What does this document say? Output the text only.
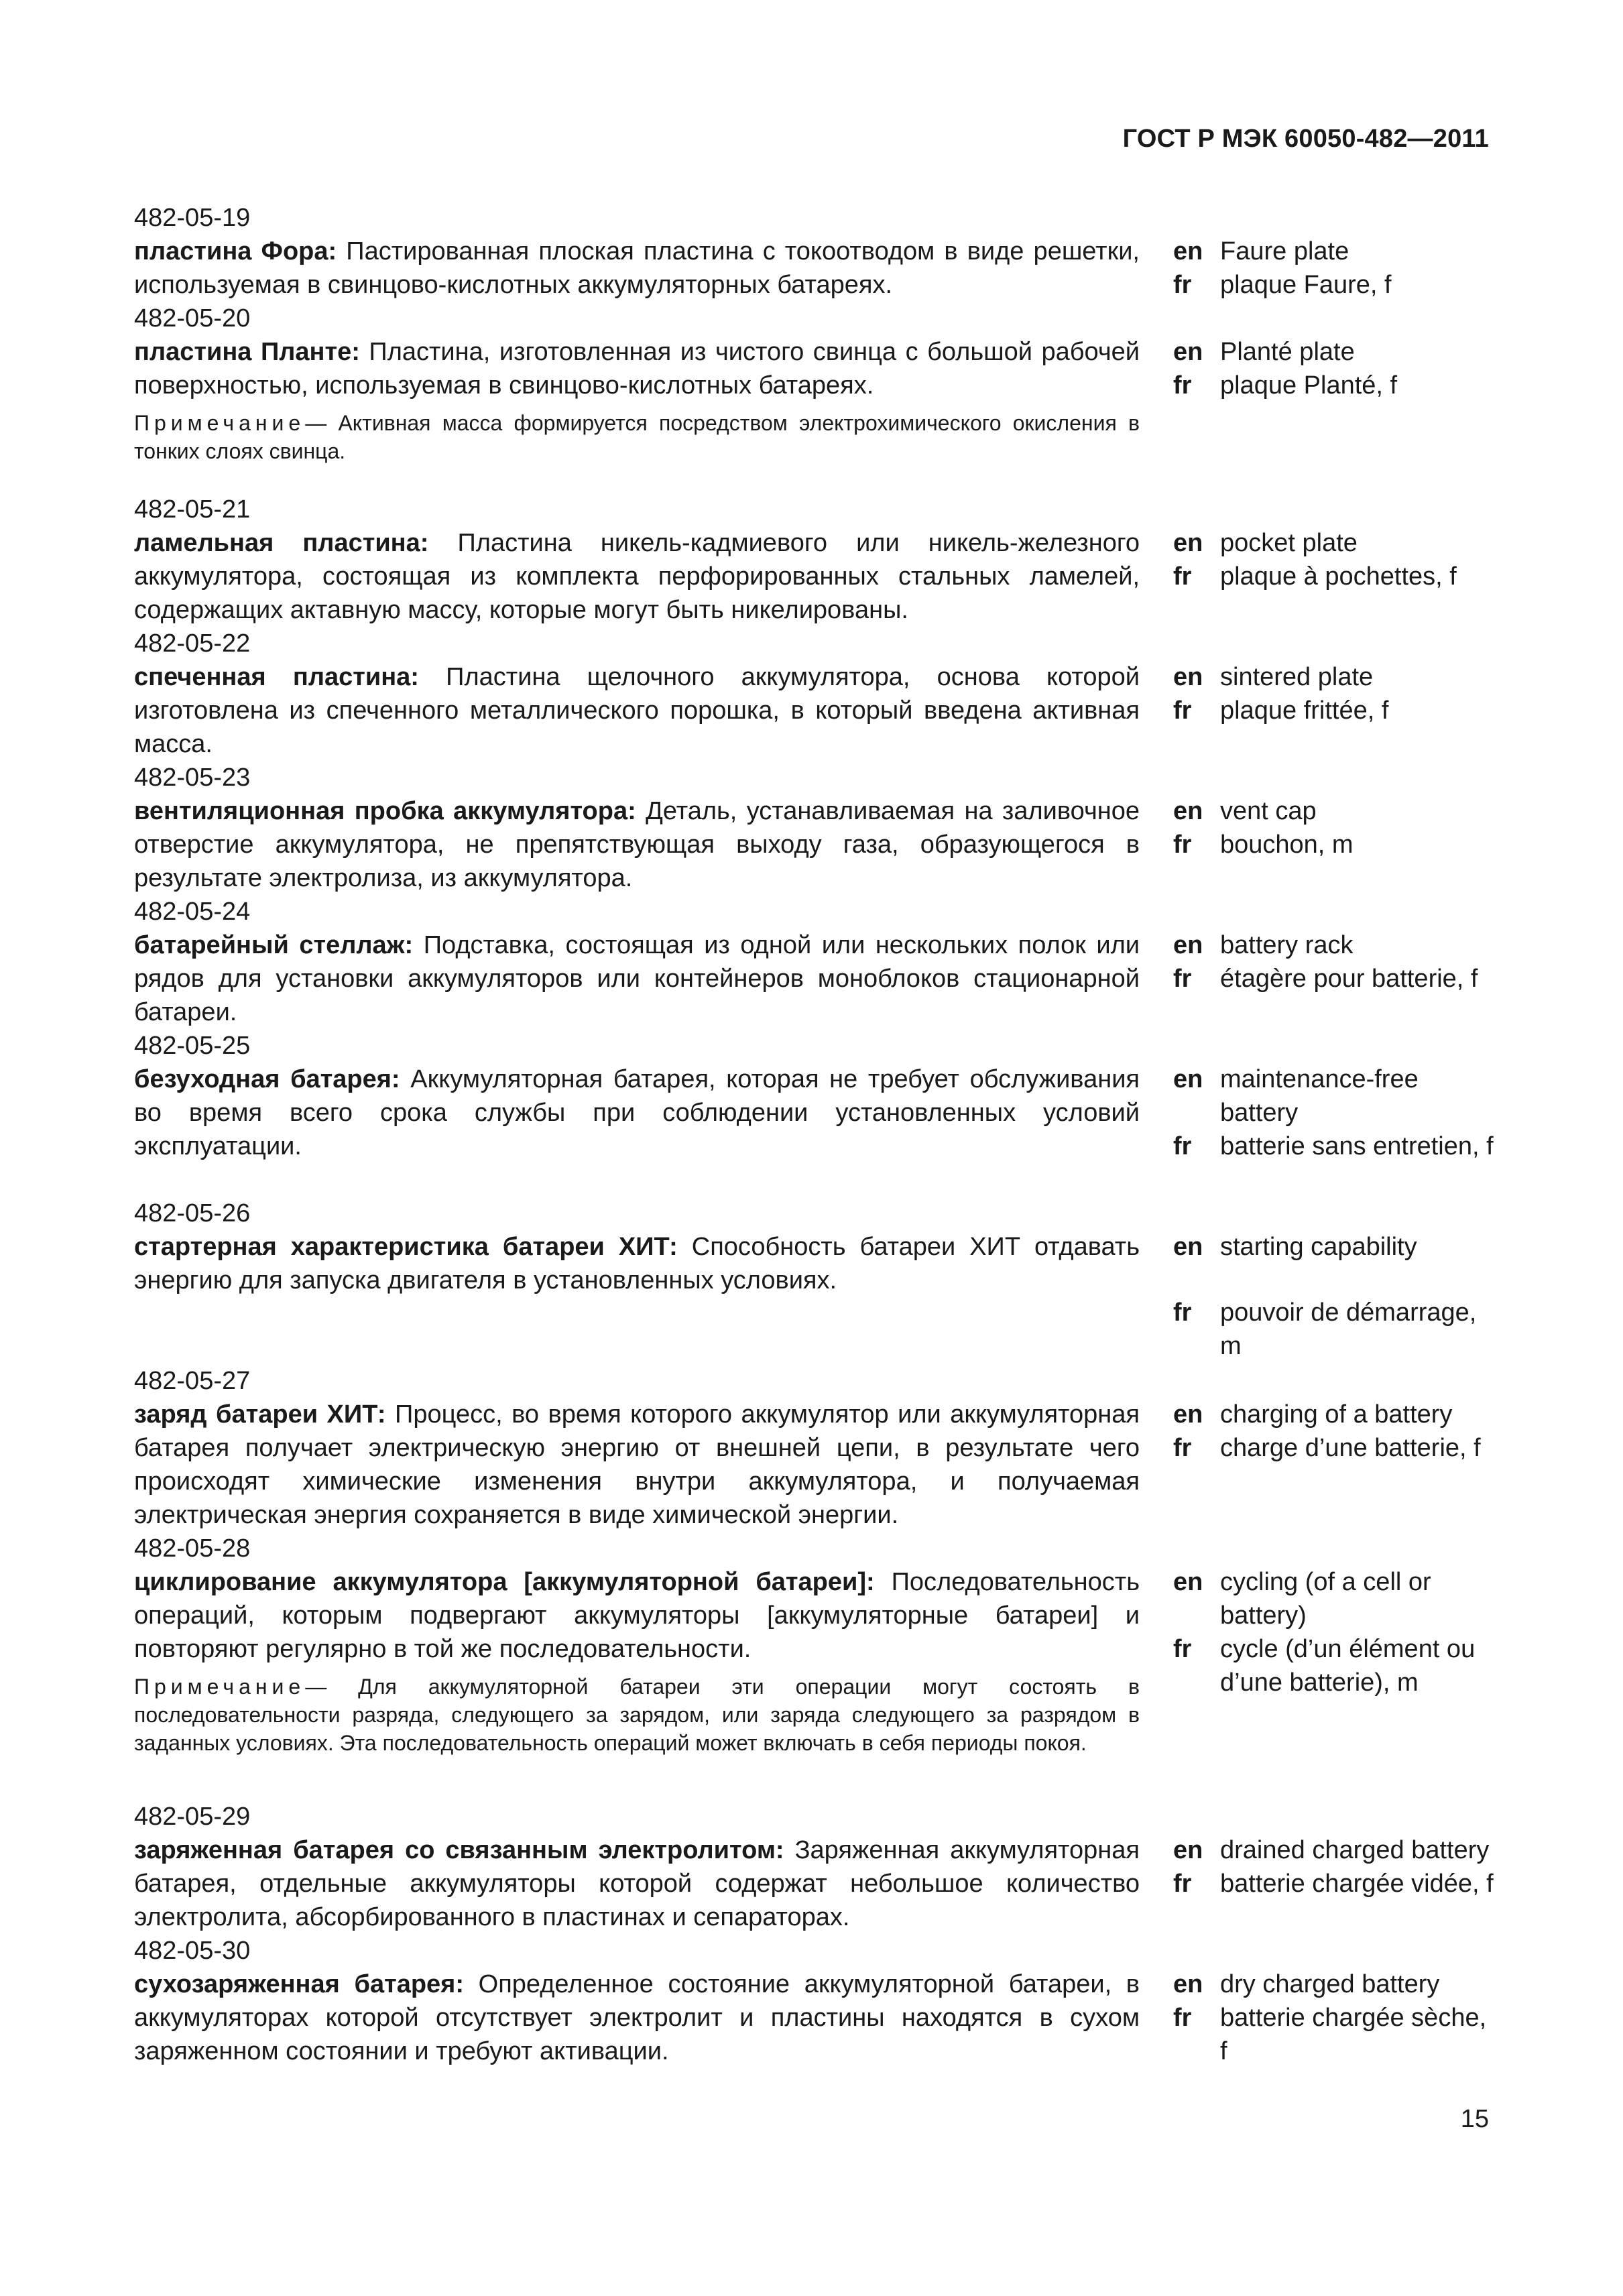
ГОСТ Р МЭК 60050-482—2011
482-05-19
пластина Фора: Пастированная плоская пластина с токоотводом в виде решетки, используемая в свинцово-кислотных аккумуляторных батареях.
en Faure plate
fr	plaque Faure, f
482-05-20
пластина Планте: Пластина, изготовленная из чистого свинца с большой рабочей поверхностью, используемая в свинцово-кислотных батареях.
Примечание— Активная масса формируется посредством электрохимического окисления в тонких слоях свинца.
en Planté plate
fr	plaque Planté, f
482-05-21
ламельная пластина: Пластина никель-кадмиевого или никель-железного аккумулятора, состоящая из комплекта перфорированных стальных ламелей, содержащих актавную массу, которые могут быть никелированы.
en pocket plate
fr	plaque à pochettes, f
482-05-22
спеченная пластина: Пластина щелочного аккумулятора, основа которой изготовлена из спеченного металлического порошка, в который введена активная масса.
en sintered plate
fr	plaque frittée, f
482-05-23
вентиляционная пробка аккумулятора: Деталь, устанавливаемая на заливочное отверстие аккумулятора, не препятствующая выходу газа, образующегося в результате электролиза, из аккумулятора.
en vent cap
fr	bouchon, m
482-05-24
батарейный стеллаж: Подставка, состоящая из одной или нескольких полок или рядов для установки аккумуляторов или контейнеров моноблоков стационарной батареи.
en battery rack
fr	étagère pour batterie, f
482-05-25
безуходная батарея: Аккумуляторная батарея, которая не требует обслуживания во время всего срока службы при соблюдении установленных условий эксплуатации.
en maintenance-free battery
fr	batterie sans entretien, f
482-05-26
стартерная характеристика батареи ХИТ: Способность батареи ХИТ отдавать энергию для запуска двигателя в установленных условиях.
en starting capability
fr	pouvoir de démarrage, m
482-05-27
заряд батареи ХИТ: Процесс, во время которого аккумулятор или аккумуляторная батарея получает электрическую энергию от внешней цепи, в результате чего происходят химические изменения внутри аккумулятора, и получаемая электрическая энергия сохраняется в виде химической энергии.
en charging of a battery
fr	charge d’une batterie, f
482-05-28
циклирование аккумулятора [аккумуляторной батареи]: Последовательность операций, которым подвергают аккумуляторы [аккумуляторные батареи] и повторяют регулярно в той же последовательности.
Примечание— Для аккумуляторной батареи эти операции могут состоять в последовательности разряда, следующего за зарядом, или заряда следующего за разрядом в заданных условиях. Эта последовательность операций может включать в себя периоды покоя.
en cycling (of a cell or battery)
fr	cycle (d’un élément ou d’une batterie), m
482-05-29
заряженная батарея со связанным электролитом: Заряженная аккумуляторная батарея, отдельные аккумуляторы которой содержат небольшое количество электролита, абсорбированного в пластинах и сепараторах.
en drained charged battery
fr	batterie chargée vidée, f
482-05-30
сухозаряженная батарея: Определенное состояние аккумуляторной батареи, в аккумуляторах которой отсутствует электролит и пластины находятся в сухом заряженном состоянии и требуют активации.
en dry charged battery
fr	batterie chargée sèche, f
15
